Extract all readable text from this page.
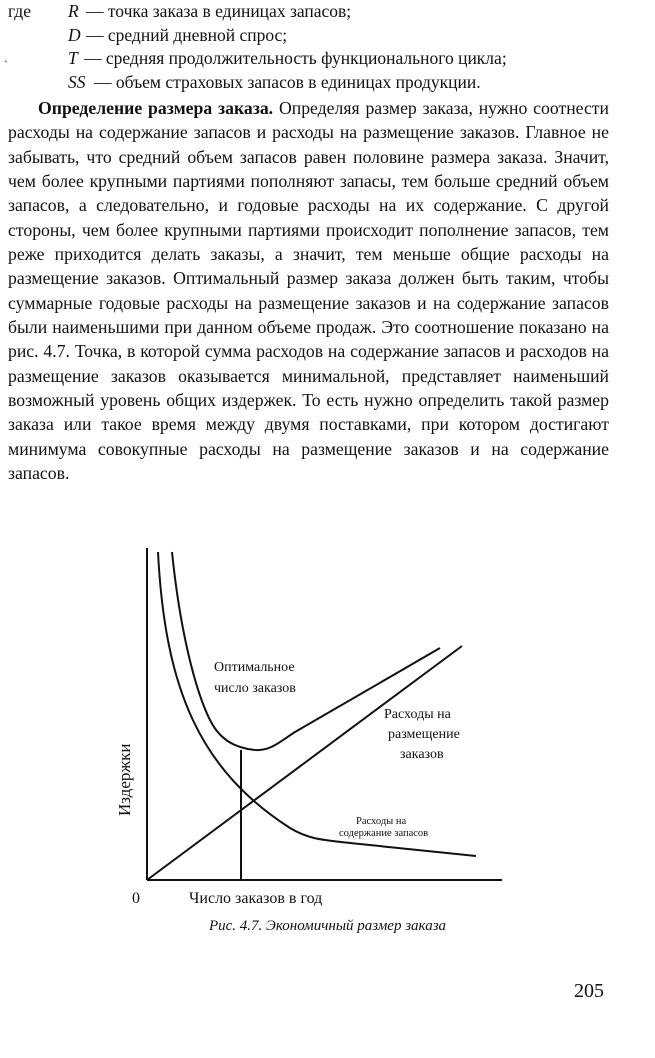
где R — точка заказа в единицах запасов;
D — средний дневной спрос;
T — средняя продолжительность функционального цикла;
SS — объем страховых запасов в единицах продукции.
ˋ
Определение размера заказа. Определяя размер заказа, нужно соотнести расходы на содержание запасов и расходы на размещение заказов. Главное не забывать, что средний объем запасов равен половине размера заказа. Значит, чем более крупными партиями пополняют запасы, тем больше средний объем запасов, а следовательно, и годовые расходы на их содержание. С другой стороны, чем более крупными партиями происходит пополнение запасов, тем реже приходится делать заказы, а значит, тем меньше общие расходы на размещение заказов. Оптимальный размер заказа должен быть таким, чтобы суммарные годовые расходы на размещение заказов и на содержание запасов были наименьшими при данном объеме продаж. Это соотношение показано на рис. 4.7. Точка, в которой сумма расходов на содержание запасов и расходов на размещение заказов оказывается минимальной, представляет наименьший возможный уровень общих издержек. То есть нужно определить такой размер заказа или такое время между двумя поставками, при котором достигают минимума совокупные расходы на размещение заказов и на содержание запасов.
Оптимальное
число заказов
Расходы на
размещение
заказов
Расходы на
содержание запасов
Издержки
0	Число заказов в год
Рис. 4.7. Экономичный размер заказа
205
